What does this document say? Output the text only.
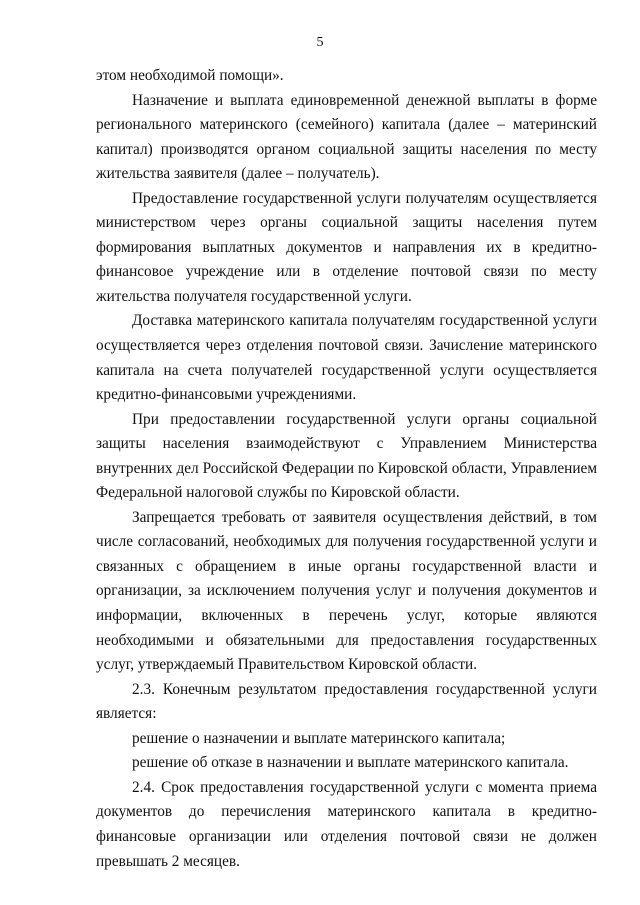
5

этом необходимой помощи».

Назначение и выплата единовременной денежной выплаты в форме регионального материнского (семейного) капитала (далее – материнский капитал) производятся органом социальной защиты населения по месту жительства заявителя (далее – получатель).

Предоставление государственной услуги получателям осуществляется министерством через органы социальной защиты населения путем формирования выплатных документов и направления их в кредитно-финансовое учреждение или в отделение почтовой связи по месту жительства получателя государственной услуги.

Доставка материнского капитала получателям государственной услуги осуществляется через отделения почтовой связи. Зачисление материнского капитала на счета получателей государственной услуги осуществляется кредитно-финансовыми учреждениями.

При предоставлении государственной услуги органы социальной защиты населения взаимодействуют с Управлением Министерства внутренних дел Российской Федерации по Кировской области, Управлением Федеральной налоговой службы по Кировской области.

Запрещается требовать от заявителя осуществления действий, в том числе согласований, необходимых для получения государственной услуги и связанных с обращением в иные органы государственной власти и организации, за исключением получения услуг и получения документов и информации, включенных в перечень услуг, которые являются необходимыми и обязательными для предоставления государственных услуг, утверждаемый Правительством Кировской области.

2.3. Конечным результатом предоставления государственной услуги является:

решение о назначении и выплате материнского капитала;

решение об отказе в назначении и выплате материнского капитала.

2.4. Срок предоставления государственной услуги с момента приема документов до перечисления материнского капитала в кредитно-финансовые организации или отделения почтовой связи не должен превышать 2 месяцев.
